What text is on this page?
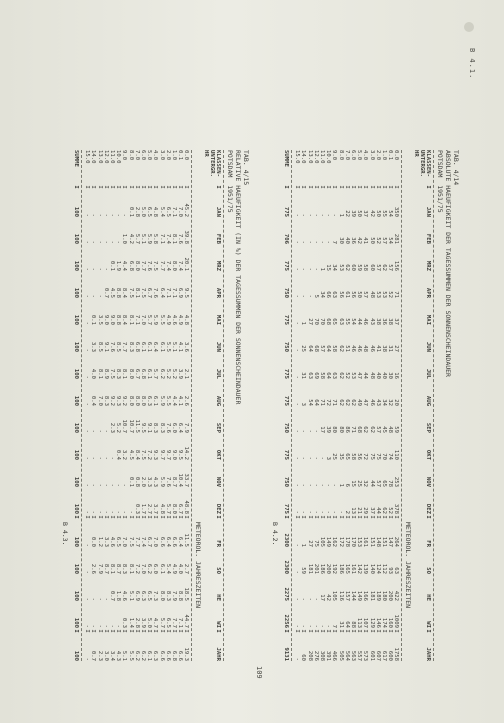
B 4.1.
109
TAB. 4/14
ABSOLUTE HAEUFIGKEIT DER TAGESSUMMEN DER SONNENSCHEINDAUER
POTSDAM  1951/75
KLASSEN-
UNTERGR.
HR
I
JAN
FEB
MRZ
APR
MAI
JUN
JUL
AUG
SEP
OKT
NOV
DEZ
I
FR
SO
HE
WI
I
JAHR
METEOROL. JAHRESZEITEN
0.0
I
350
281
156
71
37
27
16
20
59
110
253
378
I
264
63
422
1009
I
1758
0.1
I
54
54
57
52
38
31
30
32
48
74
78
52
I
147
93
200
160
I
600
1.0
I
55
57
62
53
36
38
40
34
45
70
65
62
I
151
112
180
174
I
617
2.0
I
50
52
57
53
38
41
40
43
57
75
57
44
I
148
124
189
146
I
607
3.0
I
42
50
60
48
43
46
48
46
62
75
44
37
I
151
140
181
129
I
601
4.0
I
37
41
58
57
46
48
44
47
62
72
32
29
I
161
139
166
107
I
573
5.0
I
50
42
59
50
44
46
47
49
68
56
25
21
I
153
142
149
113
I
557
6.0
I
39
36
60
56
54
46
53
62
71
58
15
13
I
170
161
144
88
I
563
7.0
I
22
40
62
61
55
51
52
62
86
65
6
2
I
178
165
157
64
I
564
8.0
I
1
30
53
56
63
62
62
62
80
35
1
-
I
172
186
116
31
I
505
9.0
I
-
7
34
63
65
58
63
71
80
25
-
-
I
162
192
105
7
I
466
10.0
I
-
-
15
66
68
64
64
72
39
3
-
-
I
149
200
42
-
I
391
11.0
I
-
-
1
34
70
57
58
71
17
-
-
-
I
105
186
17
-
I
308
12.0
I
-
-
-
5
70
68
69
64
-
-
-
-
I
75
201
-
-
I
276
13.0
I
-
-
-
-
27
64
63
54
-
-
-
-
I
27
181
-
-
I
208
14.0
I
-
-
-
-
1
25
31
3
-
-
-
-
I
1
59
-
-
I
60
15.0
I
-
-
-
-
-
-
-
-
-
-
-
-
I
-
-
-
-
I
-
SUMME
I
775
706
775
750
775
750
775
775
750
775
750
775
I
2300
2300
2275
2256
I
9131
B 4.2.
TAB. 4/15
RELATIVE HAEUFIGKEIT (IN %) DER TAGESSUMMEN DER SONNENSCHEINDAUER
POTSDAM  1951/75
KLASSEN-
UNTERGR.
HR
I
JAN
FEB
MRZ
APR
MAI
JUN
JUL
AUG
SEP
OKT
NOV
DEZ
I
FR
SO
HE
WI
I
JAHR
METEOROL. JAHRESZEITEN
0.0
I
45.2
39.8
20.1
9.5
4.8
3.6
2.1
2.6
7.9
14.2
33.7
48.8
I
11.5
2.7
18.5
44.7
I
19.3
0.1
I
7.0
7.6
7.4
6.9
4.9
4.1
3.9
4.1
6.4
9.5
10.4
6.7
I
6.4
4.0
8.8
7.1
I
6.6
1.0
I
7.1
8.1
8.0
7.1
4.6
5.1
5.2
4.4
6.0
9.0
8.7
8.0
I
6.6
4.9
7.9
7.7
I
6.8
2.0
I
6.5
7.4
7.4
7.1
4.9
5.5
5.2
5.5
7.6
9.7
7.6
5.7
I
6.4
5.4
8.3
6.5
I
6.6
3.0
I
5.4
7.1
7.7
6.4
5.5
6.1
6.2
5.9
8.3
9.7
5.9
4.8
I
6.6
6.1
8.0
5.7
I
6.6
4.0
I
4.8
5.8
7.5
7.6
5.9
6.4
5.7
6.1
8.3
9.3
4.3
3.7
I
7.0
6.0
7.3
4.7
I
6.3
5.0
I
6.5
5.9
7.6
6.7
5.7
6.1
6.1
6.3
9.1
7.2
3.3
2.7
I
6.7
6.2
6.5
5.0
I
6.1
6.0
I
5.0
5.1
7.7
7.5
7.0
6.1
6.8
8.0
9.5
7.5
2.0
1.7
I
7.4
7.0
6.3
3.9
I
6.2
7.0
I
2.8
5.7
8.0
8.1
7.1
6.8
6.7
8.0
11.5
8.4
0.8
0.3
I
7.7
7.2
6.9
2.8
I
6.2
8.0
I
0.1
4.2
6.8
7.5
8.1
8.3
8.0
8.0
10.7
4.5
0.1
-
I
7.5
8.1
5.1
1.4
I
5.5
9.0
I
-
1.0
4.4
8.4
8.4
7.7
8.1
9.2
10.7
3.2
-
-
I
7.0
8.3
4.6
0.3
I
5.1
10.0
I
-
-
1.9
8.8
8.8
8.5
8.3
9.3
5.2
0.4
-
-
I
6.5
8.7
1.8
-
I
4.3
11.0
I
-
-
0.1
4.5
9.0
7.6
7.5
9.2
2.3
-
-
-
I
4.6
8.1
0.7
-
I
3.4
12.0
I
-
-
-
0.7
9.0
9.1
8.9
8.3
-
-
-
-
I
3.3
8.7
-
-
I
3.0
13.0
I
-
-
-
-
3.5
8.5
8.1
7.0
-
-
-
-
I
1.2
7.9
-
-
I
2.3
14.0
I
-
-
-
-
0.1
3.3
4.0
0.4
-
-
-
-
I
0.0
2.6
-
-
I
0.7
15.0
I
-
-
-
-
-
-
-
-
-
-
-
-
I
-
-
-
-
I
-
SUMME
I
100
100
100
100
100
100
100
100
100
100
100
100
I
100
100
100
100
I
100
B 4.3.
